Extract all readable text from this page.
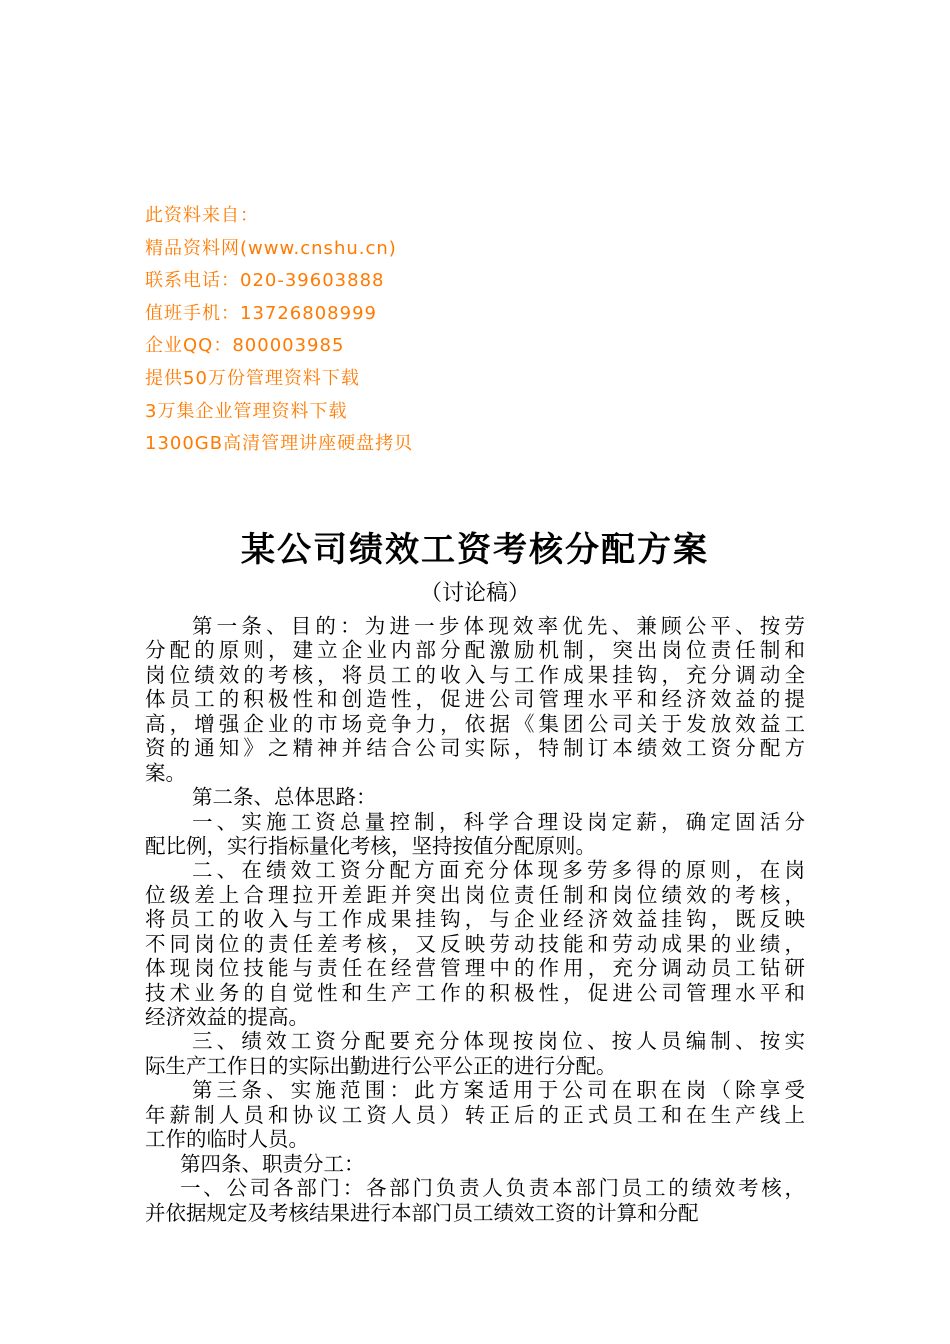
此资料来自：
精品资料网(www.cnshu.cn)
联系电话：020-39603888
值班手机：13726808999
企业QQ：800003985
提供50万份管理资料下载
3万集企业管理资料下载
1300GB高清管理讲座硬盘拷贝
某公司绩效工资考核分配方案
（讨论稿）
第一条、目的：为进一步体现效率优先、兼顾公平、按劳
分配的原则，建立企业内部分配激励机制，突出岗位责任制和
岗位绩效的考核，将员工的收入与工作成果挂钩，充分调动全
体员工的积极性和创造性，促进公司管理水平和经济效益的提
高，增强企业的市场竞争力，依据《集团公司关于发放效益工
资的通知》之精神并结合公司实际，特制订本绩效工资分配方
案。
第二条、总体思路：
一、实施工资总量控制，科学合理设岗定薪，确定固活分
配比例，实行指标量化考核，坚持按值分配原则。
二、在绩效工资分配方面充分体现多劳多得的原则，在岗
位级差上合理拉开差距并突出岗位责任制和岗位绩效的考核，
将员工的收入与工作成果挂钩，与企业经济效益挂钩，既反映
不同岗位的责任差考核，又反映劳动技能和劳动成果的业绩，
体现岗位技能与责任在经营管理中的作用，充分调动员工钻研
技术业务的自觉性和生产工作的积极性，促进公司管理水平和
经济效益的提高。
三、绩效工资分配要充分体现按岗位、按人员编制、按实
际生产工作日的实际出勤进行公平公正的进行分配。
第三条、实施范围：此方案适用于公司在职在岗（除享受
年薪制人员和协议工资人员）转正后的正式员工和在生产线上
工作的临时人员。
第四条、职责分工：
一、公司各部门：各部门负责人负责本部门员工的绩效考核，
并依据规定及考核结果进行本部门员工绩效工资的计算和分配
